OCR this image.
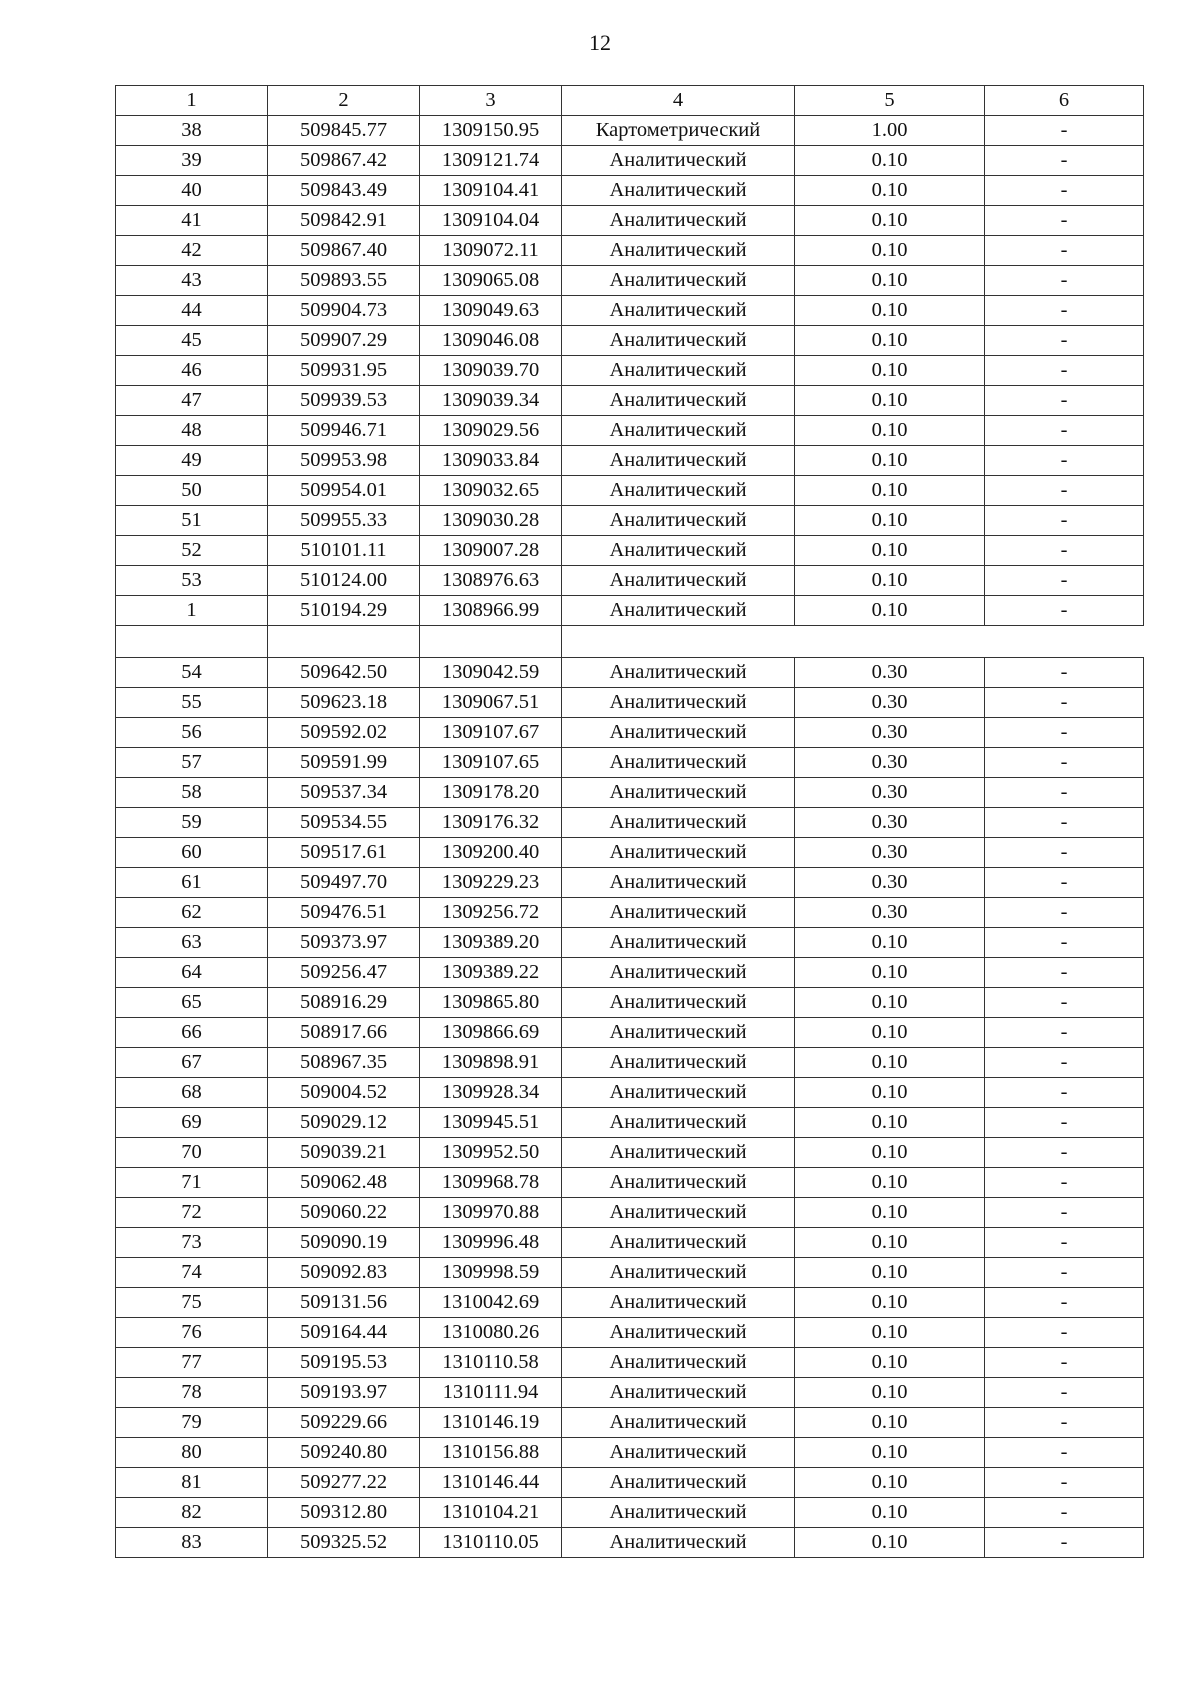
12
1	2	3	4	5	6
38	509845.77	1309150.95	Картометрический	1.00	-
39	509867.42	1309121.74	Аналитический	0.10	-
40	509843.49	1309104.41	Аналитический	0.10	-
41	509842.91	1309104.04	Аналитический	0.10	-
42	509867.40	1309072.11	Аналитический	0.10	-
43	509893.55	1309065.08	Аналитический	0.10	-
44	509904.73	1309049.63	Аналитический	0.10	-
45	509907.29	1309046.08	Аналитический	0.10	-
46	509931.95	1309039.70	Аналитический	0.10	-
47	509939.53	1309039.34	Аналитический	0.10	-
48	509946.71	1309029.56	Аналитический	0.10	-
49	509953.98	1309033.84	Аналитический	0.10	-
50	509954.01	1309032.65	Аналитический	0.10	-
51	509955.33	1309030.28	Аналитический	0.10	-
52	510101.11	1309007.28	Аналитический	0.10	-
53	510124.00	1308976.63	Аналитический	0.10	-
1	510194.29	1308966.99	Аналитический	0.10	-

54	509642.50	1309042.59	Аналитический	0.30	-
55	509623.18	1309067.51	Аналитический	0.30	-
56	509592.02	1309107.67	Аналитический	0.30	-
57	509591.99	1309107.65	Аналитический	0.30	-
58	509537.34	1309178.20	Аналитический	0.30	-
59	509534.55	1309176.32	Аналитический	0.30	-
60	509517.61	1309200.40	Аналитический	0.30	-
61	509497.70	1309229.23	Аналитический	0.30	-
62	509476.51	1309256.72	Аналитический	0.30	-
63	509373.97	1309389.20	Аналитический	0.10	-
64	509256.47	1309389.22	Аналитический	0.10	-
65	508916.29	1309865.80	Аналитический	0.10	-
66	508917.66	1309866.69	Аналитический	0.10	-
67	508967.35	1309898.91	Аналитический	0.10	-
68	509004.52	1309928.34	Аналитический	0.10	-
69	509029.12	1309945.51	Аналитический	0.10	-
70	509039.21	1309952.50	Аналитический	0.10	-
71	509062.48	1309968.78	Аналитический	0.10	-
72	509060.22	1309970.88	Аналитический	0.10	-
73	509090.19	1309996.48	Аналитический	0.10	-
74	509092.83	1309998.59	Аналитический	0.10	-
75	509131.56	1310042.69	Аналитический	0.10	-
76	509164.44	1310080.26	Аналитический	0.10	-
77	509195.53	1310110.58	Аналитический	0.10	-
78	509193.97	1310111.94	Аналитический	0.10	-
79	509229.66	1310146.19	Аналитический	0.10	-
80	509240.80	1310156.88	Аналитический	0.10	-
81	509277.22	1310146.44	Аналитический	0.10	-
82	509312.80	1310104.21	Аналитический	0.10	-
83	509325.52	1310110.05	Аналитический	0.10	-
